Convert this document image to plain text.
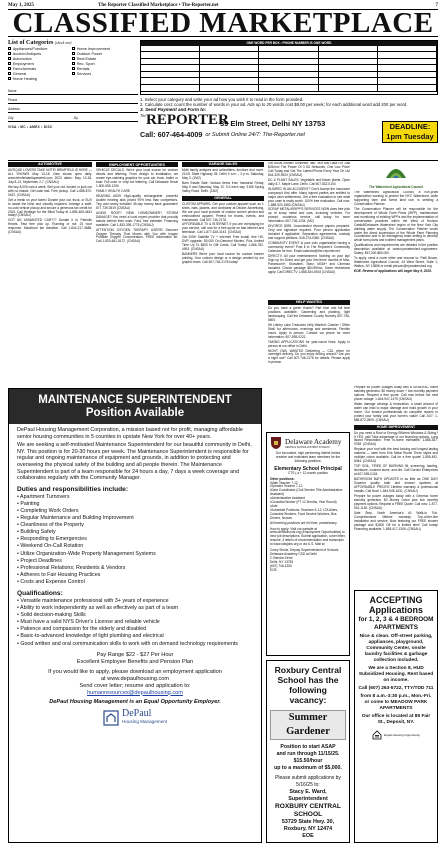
May 1, 2025	The Reporter Classified Marketplace • The-Reporter.net	7
CLASSIFIED MARKETPLACE
List of Categories (check one)
Appliances/Furniture
Auction/Antiques
Automotive
Employment
Farm/Animals
General
Home Heating
Home Improvement
Outdoor Power
Real Estate
Rec. Sport
Rentals
Services
Name
Phone
Address
City	Zip
VISA • MC • AMEX • DISC
ONE WORD PER BOX • PHONE NUMBER IS ONE WORD
1. Select your category and write your ad how you wish it to read in the form provided.
2. Calculate cost: count the number of words in your ad. Ads up to 20 words cost $8.00 per week; for each additional word add 20¢ per word.
3. Send Payment and Form to:
The REPORTER
39 Elm Street, Delhi NY 13753
Call: 607-464-4009 or Submit Online 24/7: The-Reporter.net
DEADLINE:
1pm Tuesday
AUTOMOTIVE

ANTIQUE LOVERS TAKE NOTE! BRIMFIELD IS HERE — ALL SHOWS! May 13-18. New shows open daily. www.brimfieldantiqueweek.com 2023 dates: May 13-18, July 8-13, September 2-7. (CNSAU)

We buy 8,000 cars a week. Sell your old, busted or junk car with no hassle. Get cash fast. Free pickup. Call 1-888-870-0422. (CNSAU)

Get a break on your taxes! Donate your car, truck, or SUV to assist the blind and visually impaired. Arrange a swift, no-cost vehicle pickup and secure a generous tax credit for 2025. Call Heritage for the Blind Today at 1-855-485-4481 today! (CNSAU)

GOT AN UNWANTED CAR??? Donate it to Patriotic Hearts. Fast free pick up. Running or not. 24 hour response. Maximum tax donation. Call 1-844-217-4686. (CNSAU)

EMPLOYMENT OPPORTUNITIES

VEHICLE DECALS. We're your local source for custom decals and lettering. From design to installation, we create eye-catching graphics for your car, truck, trailer or boat. Full color or vinyl cut lettering. Call Delaware Decal 1-800-555-1250.

FAMILY HEALTH CARE

HEARING AIDS! High-quality rechargeable, powerful Audien hearing aids priced 90% less than competitors. Tiny and nearly invisible! 45-day money back guarantee! 877-739-0519 (CNSAU)

AGING ROOF? NEW HOMEOWNER? STORM DAMAGE? You need a local expert provider that proudly stands behind their work. Fast, free estimate. Financing available. Call 1-833-395-1775 (CNSAU)

ATTENTION OXYGEN THERAPY USERS! Discover Oxygen Therapy That Moves with You with Inogen Portable Oxygen Concentrators. FREE information kit. Call 1-833-661-8172. (CNSAU)

GARAGE SALES

Multi family antiques and collectibles, furniture and more. 21101 State Highway 28, Delhi 9 a.m. - 3 p.m. Saturday, May 3. (1M2)

Barn Estate Sale: Various items from Industrial Friday, May 9 and Saturday, May 10. 9-3 each day. 3185 Spring Valley Road, Delhi. (1M2)

GENERAL

CUSTOM APPAREL Get your custom apparel such as t-shirts, hats, jackets, and workwear at Decker Advertising. We are your local provider of custom screen printed and embroidered apparel. Perfect for teams, events, and businesses. Call 607-746-2178.

AFFORDABLE TV & INTERNET. If you are overpaying for your service, call now for a free quote on fast internet and television. Call 1-877-628-3143. (CNSAU)

Get DISH Satellite TV + Internet! Free install, free HD-DVR upgrade, 80,000 On-Demand Movies, Plus Limited Time Up To $600 In Gift Cards. Call Today! 1-866-782-4993. (CNSAU)

BANNERS We're your local source for custom banner printing. Your custom design or a design created by our graphic team. Call 607-746-2178 today!

Get Boost Infinite! Unlimited Talk, Text and Data For Just $25/mo! The Power Of 3 5G Networks, One Low Price! Call Today and Get The Latest iPhone Every Year On Us! 844-329-9920 (CNSAU)

DC & PLANT SALES. Vegetable and flower plants. Open daily 8-7. Maple Lane, Delhi. Call 607-832-0100.

INJURED IN AN ACCIDENT? Don't Accept the insurance company's first offer. Many injured parties are entitled to major cash settlements. Get a free evaluation to see what your case is really worth. 100% free evaluation. Call now: 1-888-920-1883 (CNSAU)

SCRAP METAL/KRIPP'S SERVICES NOW does free pick up of scrap metal and cars, including vehicles. For prompt, courteous service, call today for more information: 607-746-1234. (M2)

DIVORCE $399. Uncontested divorce papers prepared. Only one signature required. Poor person application included if applicable. Separation agreements, custody and support petitions. 518-274-0380. (CNSAU)

COMMUNITY EVENT Is your civic organization having a community event? Post it in The Reporter's Community Calendar for free. Email calendar@the-reporter.net.

DIRECTV. All your entertainment. Nothing on your lap! Sign up for Direct and get your first three months of Max, Paramount+, Showtime, Starz, MGM+ and Cinemax included. Choice package $84.99/mo. Some restrictions apply. Call DIRECTV 1-888-534-6918 (CNSAU)

The Watershed Agricultural Council

The Watershed Agricultural Council, a non-profit organization working to protect the NYC Watershed, while supporting farm and forest land use, is seeking a Conservation Planner.

The Conservation Planner will be responsible for the development of Whole Farm Plans (WFP), maintenance and monitoring of existing WFPs and the implementation of conservation practices within the West of Hudson Catskill/Delaware Watershed region of the New York City drinking water supply. The Conservation Planner works under the direct supervision of the Whole Farm Planning Coordinator and in an interagency team setting to develop whole farm plans and nutrient management plans.

Qualifications and requirements are detailed in the position description available at www.nycwatershed.org/careers. Salary: $57,000-$60,000.

To apply, send a cover letter and resume to: Patti Brown, Watershed Agricultural Council, 44 West Street, Suite 1, Walton, NY 13856 or email pbrown@nycwatershed.org

EOE. Review of applications will begin May 9, 2025.

Prepare for power outages today with a GENERAC home standby generator. $0 money down + low monthly payment options. Request a free quote. Call now before the next power outage: 1-844-947-1479 (CNSAU)

Water damage cleanup & restoration: a small amount of water can lead to major damage and mold growth in your home. Our trusted professionals do complete repairs to protect your family and your home's value! Call 24/7: 1-888-872-2809. (CNSAU)

HOME IMPROVEMENT

Do you need a Roof or Energy Efficient Windows & Siding? If YES, call! Take advantage of our financing options. Long Island Restoration. Free in-home estimates: 1-888-357-9788. (CNSAU)

Replace your roof with the best looking and longest lasting material — steel from Erie Metal Roofs! Three styles and multiple colors available. Call for a free quote! 1-855-492-6084. (CNSAU)

TOP SOIL, TIRED OF BURNING fill, screening, hauling, limestone, crushed stone, and dirt. Call Gordon Enterprises at 607-555-0118.

BATHROOM BATH UPDATES in as little as ONE DAY! Superior quality bath and shower systems at AFFORDABLE PRICES! Lifetime warranty & professional installs. Call Now! 1-844-945-1631. (CNSAU)

Prepare for power outages today with a Generac home standby generator. $0 Money Down plus low monthly payment options. Request a FREE Quote. Call now: 1-877-516-1160. (CNSAU)

Safe Step. North America's #1 Walk-In Tub. Comprehensive lifetime warranty. Top-of-the-line installation and service. Now featuring our FREE shower package and $1600 Off for a limited time! Call today! Financing available. 1-855-417-1306. (CNSAU)

HELP WANTED

Do you have a green thumb? Part time and full time positions available. Gardening and planting, light landscaping. Call the Delaware County Nursery 607-746-5500.

Hit Lottery Lake Treasures Help Wanted: Cashier / Office Staff, for afternoons, evenings and weekends. Flexible hours. Apply in person. Contact via phone for more information: 607-555-0222.

TAKING APPLICATIONS for year-round hires. Apply in person at our office in Delhi.

NIGHT OWL WANTED Delivering — CDL driver for overnight delivery. Do you enjoy driving around? Are you a night owl? Call 607-746-2176 for details. Please apply in person.

MAINTENANCE SUPERINTENDENT
Position Available

DePaul Housing Management Corporation, a mission based not for profit, managing affordable senior housing communities in 5 counties in upstate New York for over 40+ years.

We are seeking a self-motivated Maintenance Superintendent for our beautiful community in Delhi, NY. This position is for 20-30 hours per week. The Maintenance Superintendent is responsible for regular and ongoing maintenance of equipment and grounds, in addition to protecting and overseeing the physical safety of the building and all people therein. The Maintenance Superintendent is part of a team responsible for 24 hours a day, 7 days a week coverage and collaborates regularly with the Community Manager.

Duties and responsibilities include:
• Apartment Turnovers
• Painting
• Completing Work Orders
• Regular Maintenance and Building Improvement
• Cleanliness of the Property
• Building Safety
• Responding to Emergencies
• Weekend On-Call Rotation
• Utilize Organization-Wide Property Management Systems
• Project Deadlines
• Professional Relations; Residents & Vendors
• Adheres to Fair Housing Practices
• Costs and Expense Control
Qualifications:
• Versatile maintenance professional with 3+ years of experience
• Ability to work independently as well as effectively as part of a team
• Solid decision-making Skills
• Must have a valid NYS Driver's License and reliable vehicle
• Patience and compassion for the elderly and disabled
• Basic-to-advanced knowledge of light plumbing and electrical
• Good written and oral communication skills to work with on demand technology requirements
Pay Range $22 - $27 Per Hour
Excellent Employee Benefits and Pension Plan
If you would like to apply, please download an employment application
at www.depaulhousing.com
Send cover letter; resume and application to:
humanresources@depaulhousing.com
DePaul Housing Management is an Equal Opportunity Employer.
DePaul
Housing Management
Delaware Academy
CENTRAL SCHOOL DISTRICT AT DELHI

Our innovative, high performing district invites creative and motivated team members for the following positions:

Elementary School Principal
CTS (.a + 12-month position
Other positions:
• Math Teacher 7-12
• Speaker Teacher 7-12
• Data Coordinator (Civil Service Title Administrative Assistant)
• Administrative Assistant
• Custodial Worker (FT 12 Months, Year Round)
• Aide
• Substitute Positions: Teachers K-12, LTA Aides, Custodial Workers, Food Service Workers, Bus Drivers, Nurses
All teaching positions are full time, probationary

How to apply: Visit our website at www.delhischools.org (Employment Opportunities) to view job descriptions. Submit application, cover letter, resume, 3 letters of recommendation and transcripts to www.olasjobs.org or via U.S. Mail to:

Corey Shultz, Deputy Superintendent of Schools
Delaware Academy CSD at Delhi
2 Sheldon Drive
Delhi, NY 13753
(607) 746-1300
EOE
Roxbury Central School has the following vacancy:
Summer Gardener
Position to start ASAP
and run through 11/15/25. $15.50/hour
up to a maximum of $5,000.
Please submit applications by 5/16/25 to:
Stacy E. Ward, Superintendent
ROXBURY CENTRAL SCHOOL
53729 State Hwy. 30,
Roxbury, NY 12474
EOE
ACCEPTING
Applications
for 1, 2, 3 & 4 BEDROOM APARTMENTS
Nice & clean. Off-street parking, appliances, playground, Community Center, onsite laundry facilities & garbage collection included.
We are a Section 8, HUD Subsidized Housing. Rent based on income.
Call (607) 263-5722, TTY/TDD 711
from 8 a.m.-3:30 p.m., Mon.-Fri. or come to MEADOW PARK APARTMENTS
Our office is located at 85 Fair St., Deposit, NY.
Equal Housing Opportunity
